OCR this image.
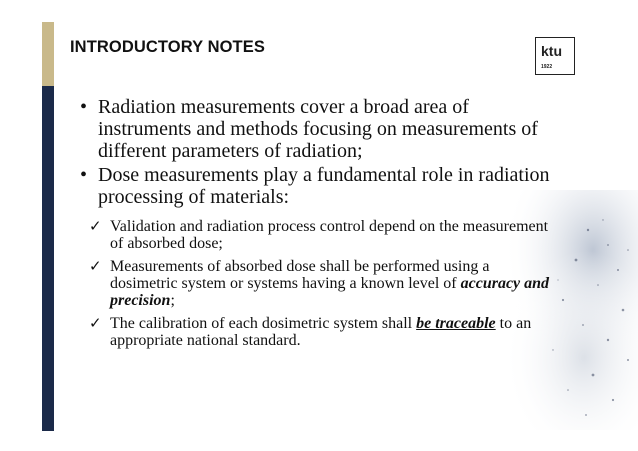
INTRODUCTORY NOTES	ktu
1922
• Radiation measurements cover a broad area of instruments and methods focusing on measurements of different parameters of radiation;
• Dose measurements play a fundamental role in radiation processing of materials:
✓ Validation and radiation process control depend on the measurement of absorbed dose;
✓ Measurements of absorbed dose shall be performed using a dosimetric system or systems having a known level of accuracy and precision;
✓ The calibration of each dosimetric system shall be traceable to an appropriate national standard.
